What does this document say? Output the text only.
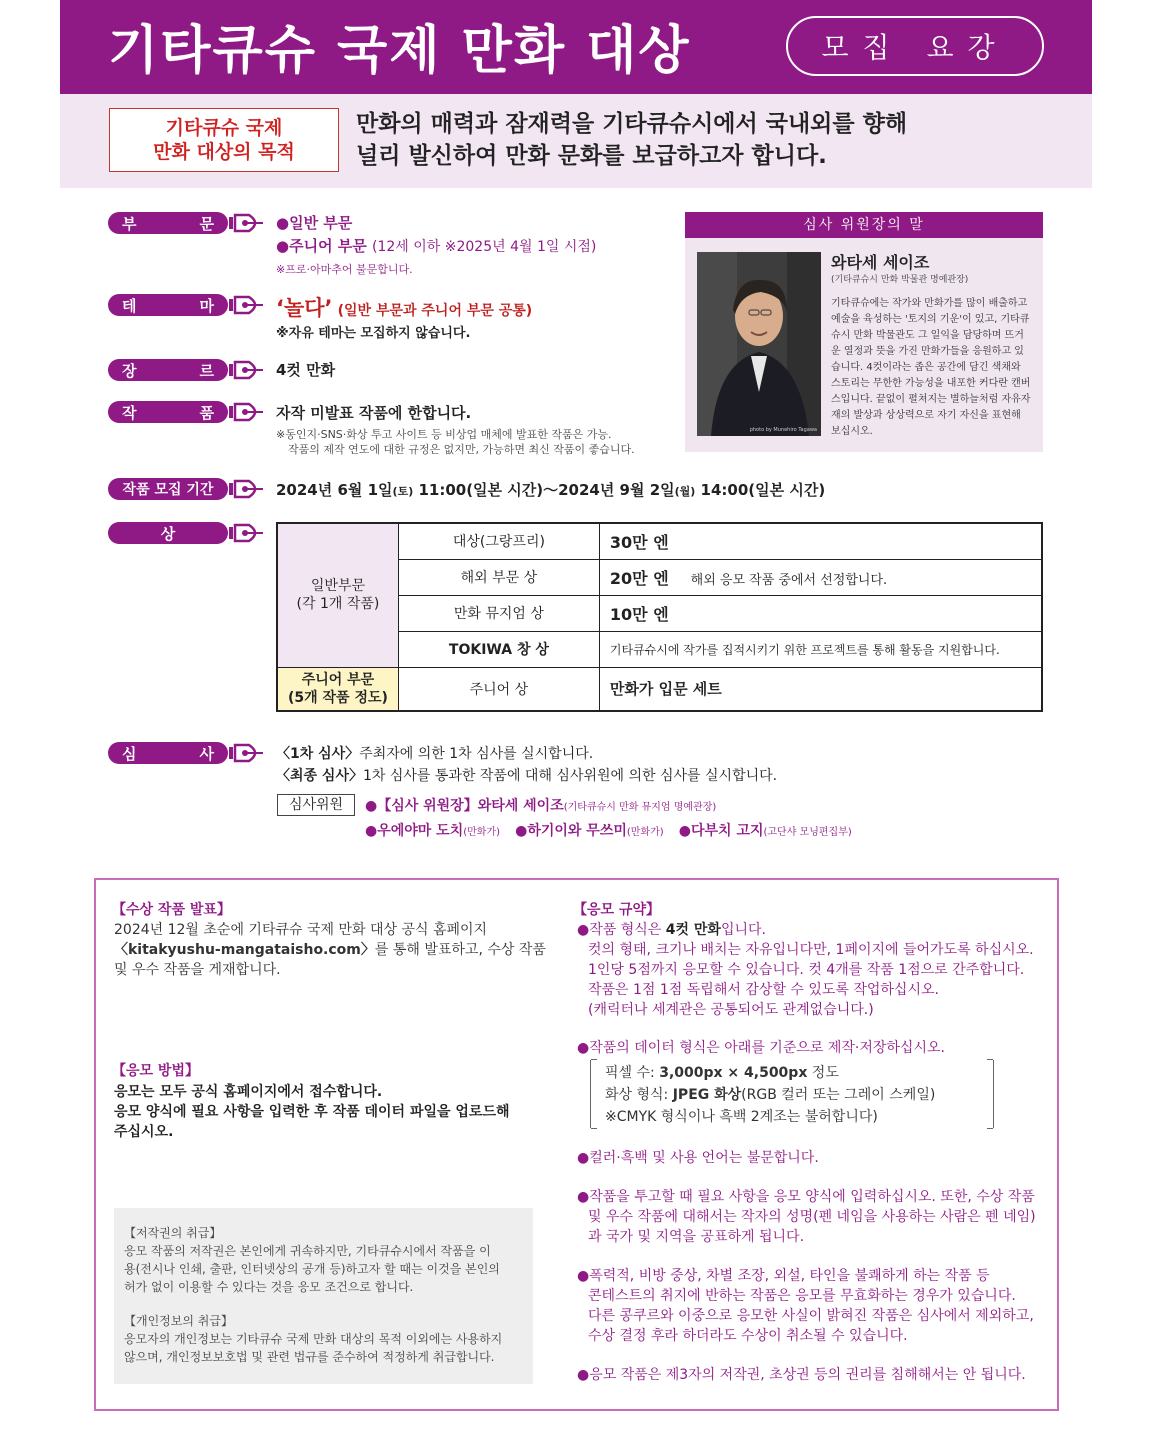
기타큐슈 국제 만화 대상	모집 요강
기타큐슈 국제
만화 대상의 목적
만화의 매력과 잠재력을 기타큐슈시에서 국내외를 향해
널리 발신하여 만화 문화를 보급하고자 합니다.
부	문	●일반 부문
●주니어 부문 (12세 이하 ※2025년 4월 1일 시점)
※프로·아마추어 불문합니다.
테	마	‘놀다’ (일반 부문과 주니어 부문 공통)
※자유 테마는 모집하지 않습니다.
장	르	4컷 만화
작	품	자작 미발표 작품에 한합니다.
※동인지·SNS·화상 투고 사이트 등 비상업 매체에 발표한 작품은 가능.
작품의 제작 연도에 대한 규정은 없지만, 가능하면 최신 작품이 좋습니다.
심사 위원장의 말
photo by Munehiro Tagawa
와타세 세이조
(기타큐슈시 만화 박물관 명예관장)
기타큐슈에는 작가와 만화가를 많이 배출하고 예술을 육성하는 '토지의 기운'이 있고, 기타큐슈시 만화 박물관도 그 일익을 담당하며 뜨거운 열정과 뜻을 가진 만화가들을 응원하고 있습니다. 4컷이라는 좁은 공간에 담긴 색채와 스토리는 무한한 가능성을 내포한 커다란 캔버스입니다. 끝없이 펼쳐지는 별하늘처럼 자유자재의 발상과 상상력으로 자기 자신을 표현해 보십시오.
작품 모집 기간	2024년 6월 1일(토) 11:00(일본 시간)～2024년 9월 2일(월) 14:00(일본 시간)
상
일반부문
(각 1개 작품)	대상(그랑프리)	30만 엔
	해외 부문 상	20만 엔 해외 응모 작품 중에서 선정합니다.
	만화 뮤지엄 상	10만 엔
	TOKIWA 창 상	기타큐슈시에 작가를 집적시키기 위한 프로젝트를 통해 활동을 지원합니다.

주니어 부문
(5개 작품 정도)	주니어 상	만화가 입문 세트
심	사	〈1차 심사〉주최자에 의한 1차 심사를 실시합니다.
〈최종 심사〉1차 심사를 통과한 작품에 대해 심사위원에 의한 심사를 실시합니다.
심사위원	●【심사 위원장】와타세 세이조(기타큐슈시 만화 뮤지엄 명예관장)
●우에야마 도치(만화가) ●하기이와 무쓰미(만화가) ●다부치 고지(고단샤 모닝편집부)
【수상 작품 발표】
2024년 12월 초순에 기타큐슈 국제 만화 대상 공식 홈페이지
〈kitakyushu-mangataisho.com〉를 통해 발표하고, 수상 작품
및 우수 작품을 게재합니다.
【응모 방법】
응모는 모두 공식 홈페이지에서 접수합니다.
응모 양식에 필요 사항을 입력한 후 작품 데이터 파일을 업로드해
주십시오.
【저작권의 취급】
응모 작품의 저작권은 본인에게 귀속하지만, 기타큐슈시에서 작품을 이
용(전시나 인쇄, 출판, 인터넷상의 공개 등)하고자 할 때는 이것을 본인의
허가 없이 이용할 수 있다는 것을 응모 조건으로 합니다.
【개인정보의 취급】
응모자의 개인정보는 기타큐슈 국제 만화 대상의 목적 이외에는 사용하지
않으며, 개인정보보호법 및 관련 법규를 준수하여 적정하게 취급합니다.
【응모 규약】
●작품 형식은 4컷 만화입니다.
컷의 형태, 크기나 배치는 자유입니다만, 1페이지에 들어가도록 하십시오.
1인당 5점까지 응모할 수 있습니다. 컷 4개를 작품 1점으로 간주합니다.
작품은 1점 1점 독립해서 감상할 수 있도록 작업하십시오.
(캐릭터나 세계관은 공통되어도 관계없습니다.)
●작품의 데이터 형식은 아래를 기준으로 제작·저장하십시오.
픽셀 수: 3,000px × 4,500px 정도
화상 형식: JPEG 화상(RGB 컬러 또는 그레이 스케일)
※CMYK 형식이나 흑백 2계조는 불허합니다)
●컬러·흑백 및 사용 언어는 불문합니다.
●작품을 투고할 때 필요 사항을 응모 양식에 입력하십시오. 또한, 수상 작품
및 우수 작품에 대해서는 작자의 성명(펜 네임을 사용하는 사람은 펜 네임)
과 국가 및 지역을 공표하게 됩니다.
●폭력적, 비방 중상, 차별 조장, 외설, 타인을 불쾌하게 하는 작품 등
콘테스트의 취지에 반하는 작품은 응모를 무효화하는 경우가 있습니다.
다른 콩쿠르와 이중으로 응모한 사실이 밝혀진 작품은 심사에서 제외하고,
수상 결정 후라 하더라도 수상이 취소될 수 있습니다.
●응모 작품은 제3자의 저작권, 초상권 등의 권리를 침해해서는 안 됩니다.
